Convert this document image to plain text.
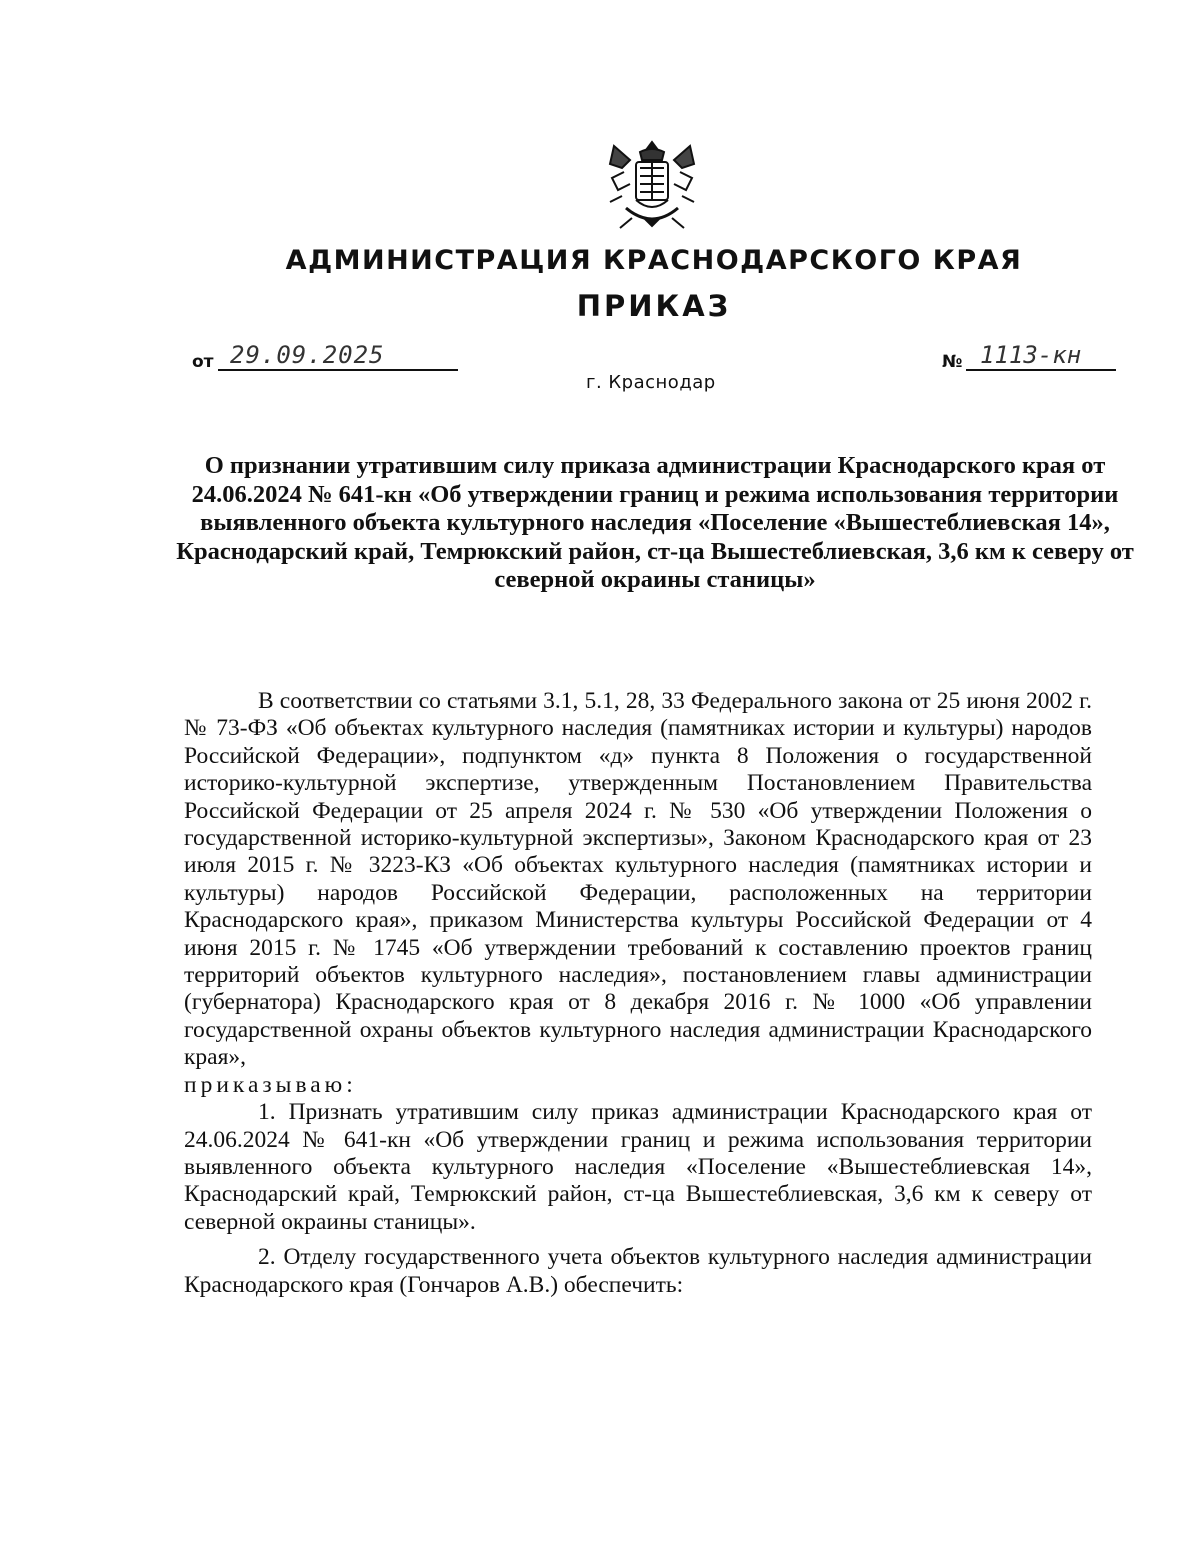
АДМИНИСТРАЦИЯ КРАСНОДАРСКОГО КРАЯ
ПРИКАЗ
от 29.09.2025	№ 1113-кн
г. Краснодар

О признании утратившим силу приказа администрации Краснодарского края от 24.06.2024 № 641-кн «Об утверждении границ и режима использования территории выявленного объекта культурного наследия «Поселение «Вышестеблиевская 14», Краснодарский край, Темрюкский район, ст-ца Вышестеблиевская, 3,6 км к северу от северной окраины станицы»

В соответствии со статьями 3.1, 5.1, 28, 33 Федерального закона от 25 июня 2002 г. № 73-ФЗ «Об объектах культурного наследия (памятниках истории и культуры) народов Российской Федерации», подпунктом «д» пункта 8 Положения о государственной историко-культурной экспертизе, утвержденным Постановлением Правительства Российской Федерации от 25 апреля 2024 г. № 530 «Об утверждении Положения о государственной историко-культурной экспертизы», Законом Краснодарского края от 23 июля 2015 г. № 3223-КЗ «Об объектах культурного наследия (памятниках истории и культуры) народов Российской Федерации, расположенных на территории Краснодарского края», приказом Министерства культуры Российской Федерации от 4 июня 2015 г. № 1745 «Об утверждении требований к составлению проектов границ территорий объектов культурного наследия», постановлением главы администрации (губернатора) Краснодарского края от 8 декабря 2016 г. № 1000 «Об управлении государственной охраны объектов культурного наследия администрации Краснодарского края»,

приказываю:

1. Признать утратившим силу приказ администрации Краснодарского края от 24.06.2024 № 641-кн «Об утверждении границ и режима использования территории выявленного объекта культурного наследия «Поселение «Вышестеблиевская 14», Краснодарский край, Темрюкский район, ст-ца Вышестеблиевская, 3,6 км к северу от северной окраины станицы».

2. Отделу государственного учета объектов культурного наследия администрации Краснодарского края (Гончаров А.В.) обеспечить:
